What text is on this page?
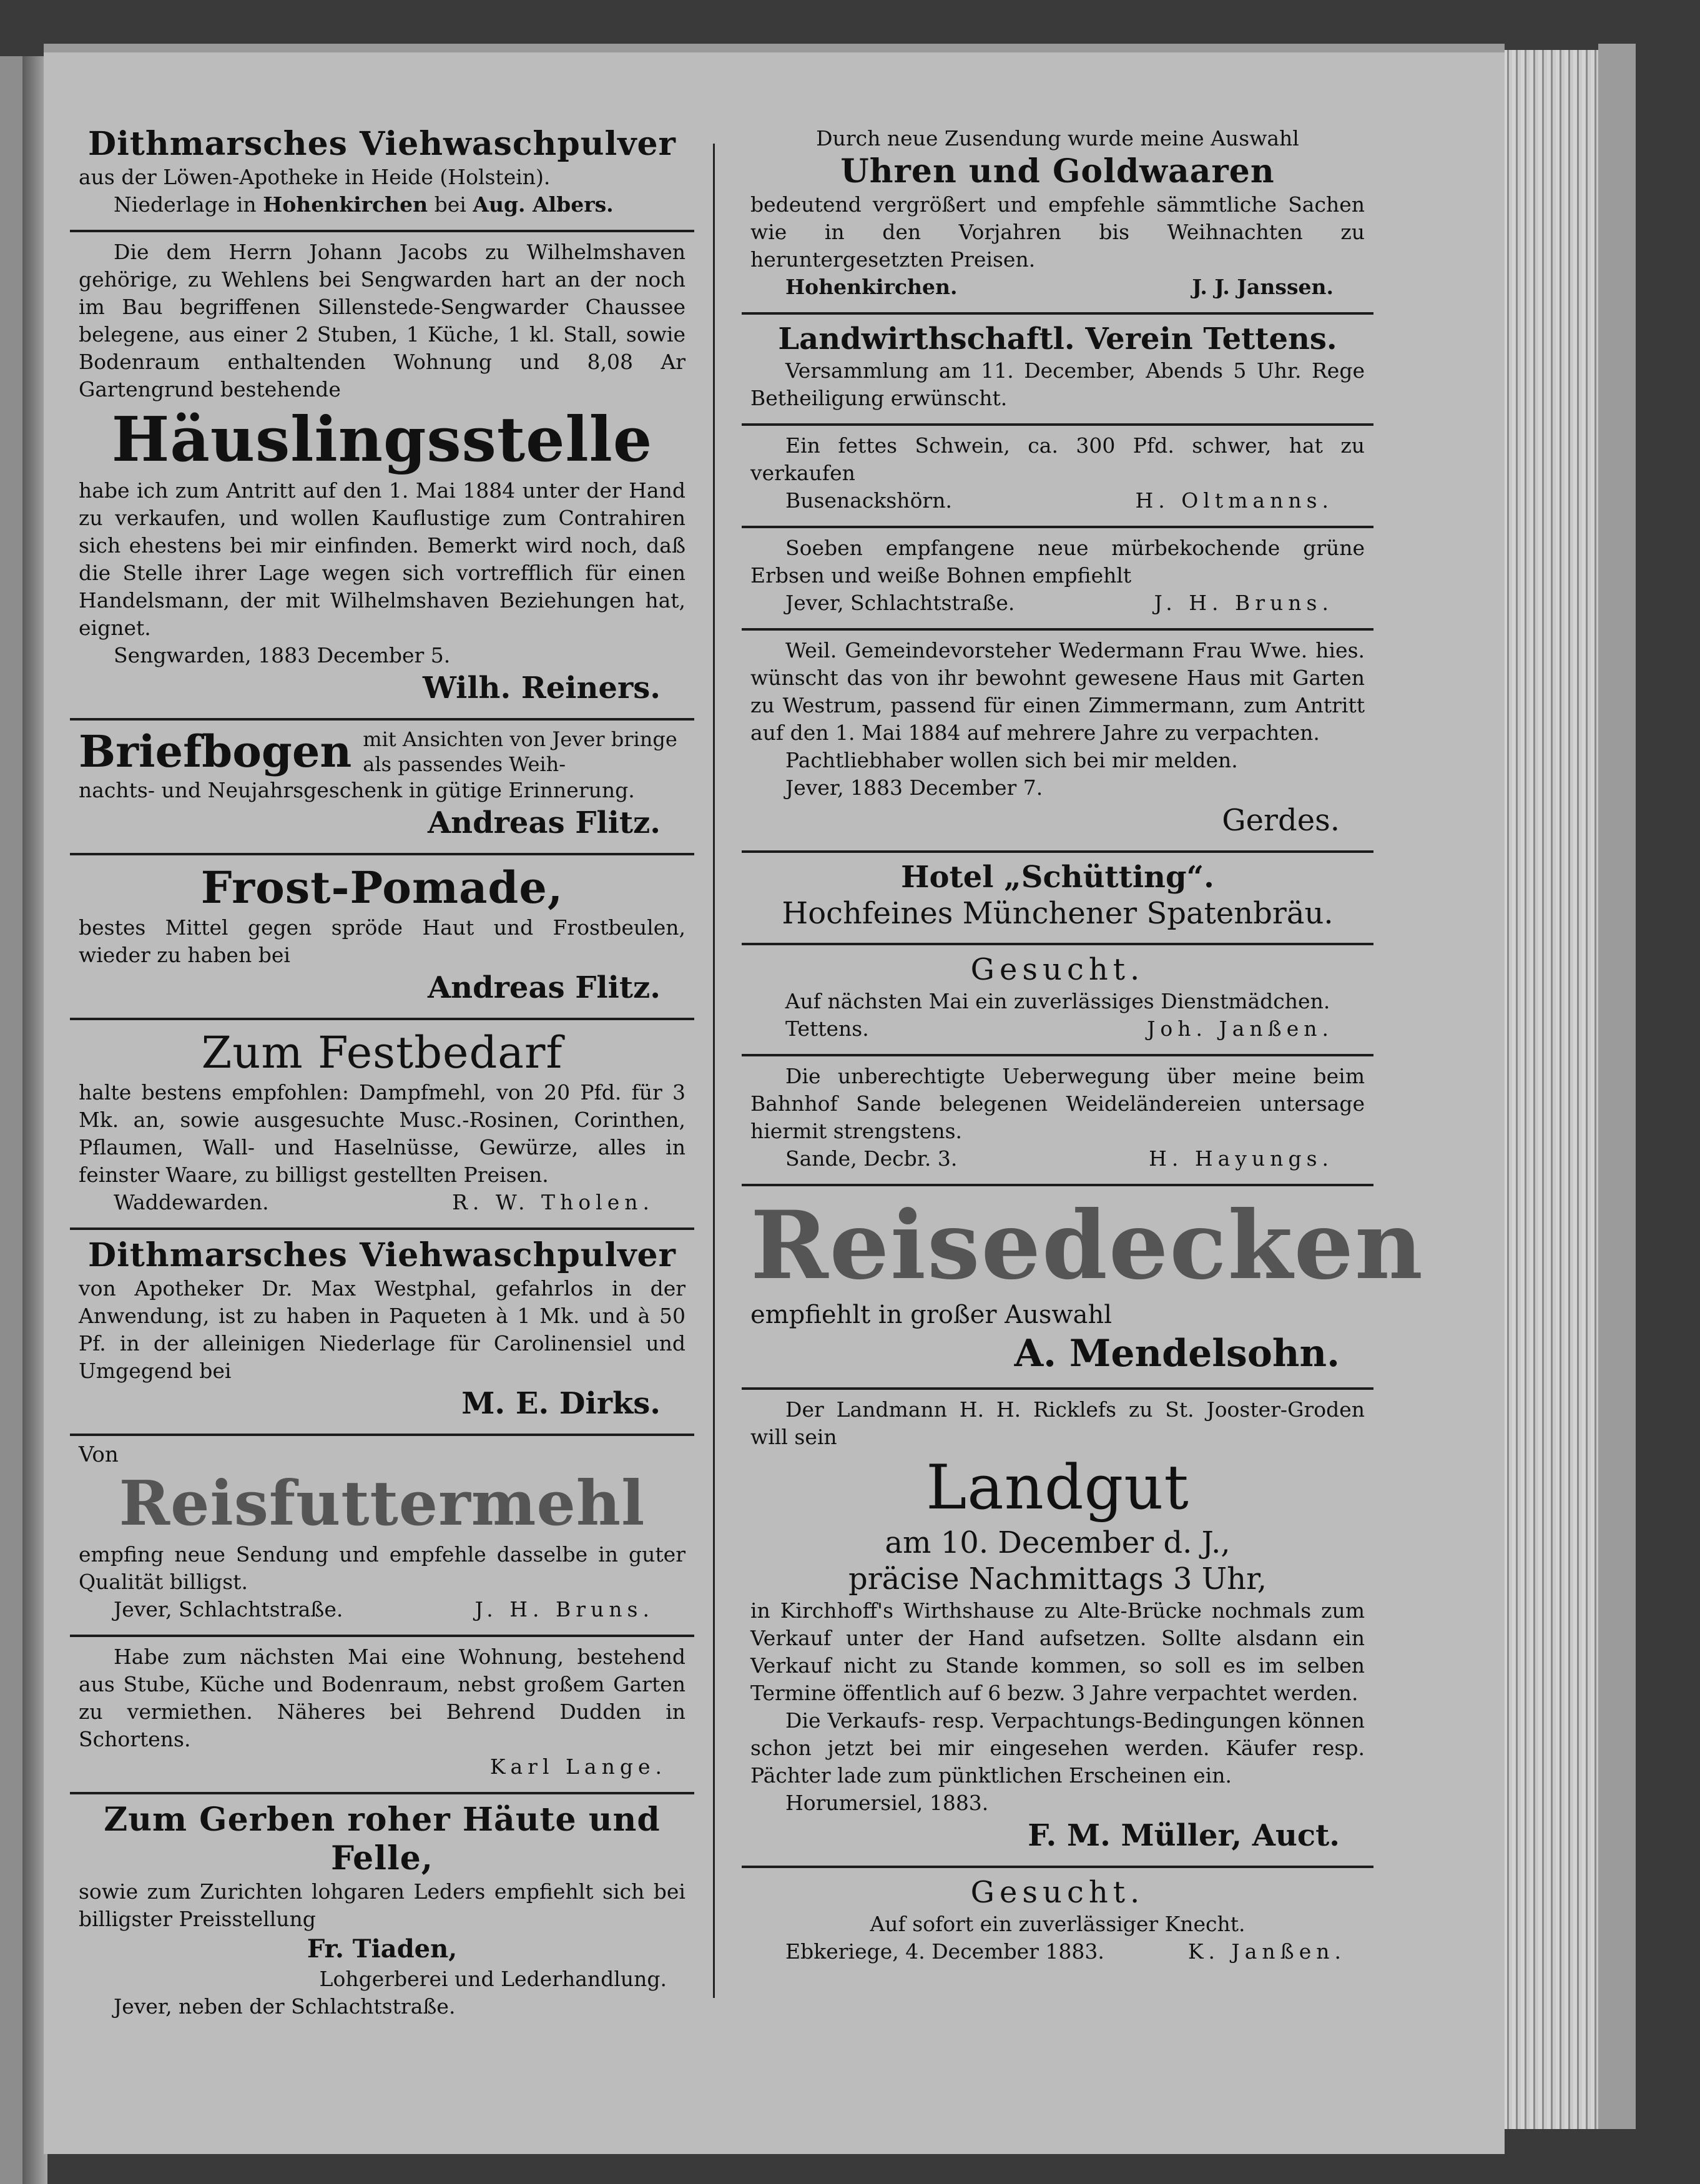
Dithmarsches Viehwaschpulver

aus der Löwen-Apotheke in Heide (Holstein).

Niederlage in Hohenkirchen bei Aug. Albers.

Die dem Herrn Johann Jacobs zu Wilhelmshaven gehörige, zu Wehlens bei Sengwarden hart an der noch im Bau begriffenen Sillenstede-Sengwarder Chaussee belegene, aus einer 2 Stuben, 1 Küche, 1 kl. Stall, sowie Bodenraum enthaltenden Wohnung und 8,08 Ar Gartengrund bestehende

Häuslingsstelle

habe ich zum Antritt auf den 1. Mai 1884 unter der Hand zu verkaufen, und wollen Kauflustige zum Contrahiren sich ehestens bei mir einfinden. Bemerkt wird noch, daß die Stelle ihrer Lage wegen sich vortrefflich für einen Handelsmann, der mit Wilhelmshaven Beziehungen hat, eignet.

Sengwarden, 1883 December 5.

Wilh. Reiners.

Briefbogen mit Ansichten von Jever bringe als passendes Weih-

nachts- und Neujahrsgeschenk in gütige Erinnerung.

Andreas Flitz.

Frost-Pomade,

bestes Mittel gegen spröde Haut und Frostbeulen, wieder zu haben bei

Andreas Flitz.

Zum Festbedarf

halte bestens empfohlen: Dampfmehl, von 20 Pfd. für 3 Mk. an, sowie ausgesuchte Musc.-Rosinen, Corinthen, Pflaumen, Wall- und Haselnüsse, Gewürze, alles in feinster Waare, zu billigst gestellten Preisen.

Waddewarden.	R. W. Tholen.

Dithmarsches Viehwaschpulver

von Apotheker Dr. Max Westphal, gefahrlos in der Anwendung, ist zu haben in Paqueten à 1 Mk. und à 50 Pf. in der alleinigen Niederlage für Carolinensiel und Umgegend bei

M. E. Dirks.

Von

Reisfuttermehl

empfing neue Sendung und empfehle dasselbe in guter Qualität billigst.

Jever, Schlachtstraße.	J. H. Bruns.

Habe zum nächsten Mai eine Wohnung, bestehend aus Stube, Küche und Bodenraum, nebst großem Garten zu vermiethen. Näheres bei Behrend Dudden in Schortens.

Karl Lange.

Zum Gerben roher Häute und Felle,

sowie zum Zurichten lohgaren Leders empfiehlt sich bei billigster Preisstellung

Fr. Tiaden,

Lohgerberei und Lederhandlung.

Jever, neben der Schlachtstraße.

Durch neue Zusendung wurde meine Auswahl

Uhren und Goldwaaren

bedeutend vergrößert und empfehle sämmtliche Sachen wie in den Vorjahren bis Weihnachten zu heruntergesetzten Preisen.

Hohenkirchen.	J. J. Janssen.

Landwirthschaftl. Verein Tettens.

Versammlung am 11. December, Abends 5 Uhr. Rege Betheiligung erwünscht.

Ein fettes Schwein, ca. 300 Pfd. schwer, hat zu verkaufen

Busenackshörn.	H. Oltmanns.

Soeben empfangene neue mürbekochende grüne Erbsen und weiße Bohnen empfiehlt

Jever, Schlachtstraße.	J. H. Bruns.

Weil. Gemeindevorsteher Wedermann Frau Wwe. hies. wünscht das von ihr bewohnt gewesene Haus mit Garten zu Westrum, passend für einen Zimmermann, zum Antritt auf den 1. Mai 1884 auf mehrere Jahre zu verpachten.

Pachtliebhaber wollen sich bei mir melden.

Jever, 1883 December 7.

Gerdes.

Hotel „Schütting“.

Hochfeines Münchener Spatenbräu.

Gesucht.

Auf nächsten Mai ein zuverlässiges Dienstmädchen.

Tettens.	Joh. Janßen.

Die unberechtigte Ueberwegung über meine beim Bahnhof Sande belegenen Weideländereien untersage hiermit strengstens.

Sande, Decbr. 3.	H. Hayungs.

Reisedecken

empfiehlt in großer Auswahl

A. Mendelsohn.

Der Landmann H. H. Ricklefs zu St. Jooster-Groden will sein

Landgut

am 10. December d. J.,

präcise Nachmittags 3 Uhr,

in Kirchhoff's Wirthshause zu Alte-Brücke nochmals zum Verkauf unter der Hand aufsetzen. Sollte alsdann ein Verkauf nicht zu Stande kommen, so soll es im selben Termine öffentlich auf 6 bezw. 3 Jahre verpachtet werden.

Die Verkaufs- resp. Verpachtungs-Bedingungen können schon jetzt bei mir eingesehen werden. Käufer resp. Pächter lade zum pünktlichen Erscheinen ein.

Horumersiel, 1883.

F. M. Müller, Auct.

Gesucht.

Auf sofort ein zuverlässiger Knecht.

Ebkeriege, 4. December 1883.	K. Janßen.
